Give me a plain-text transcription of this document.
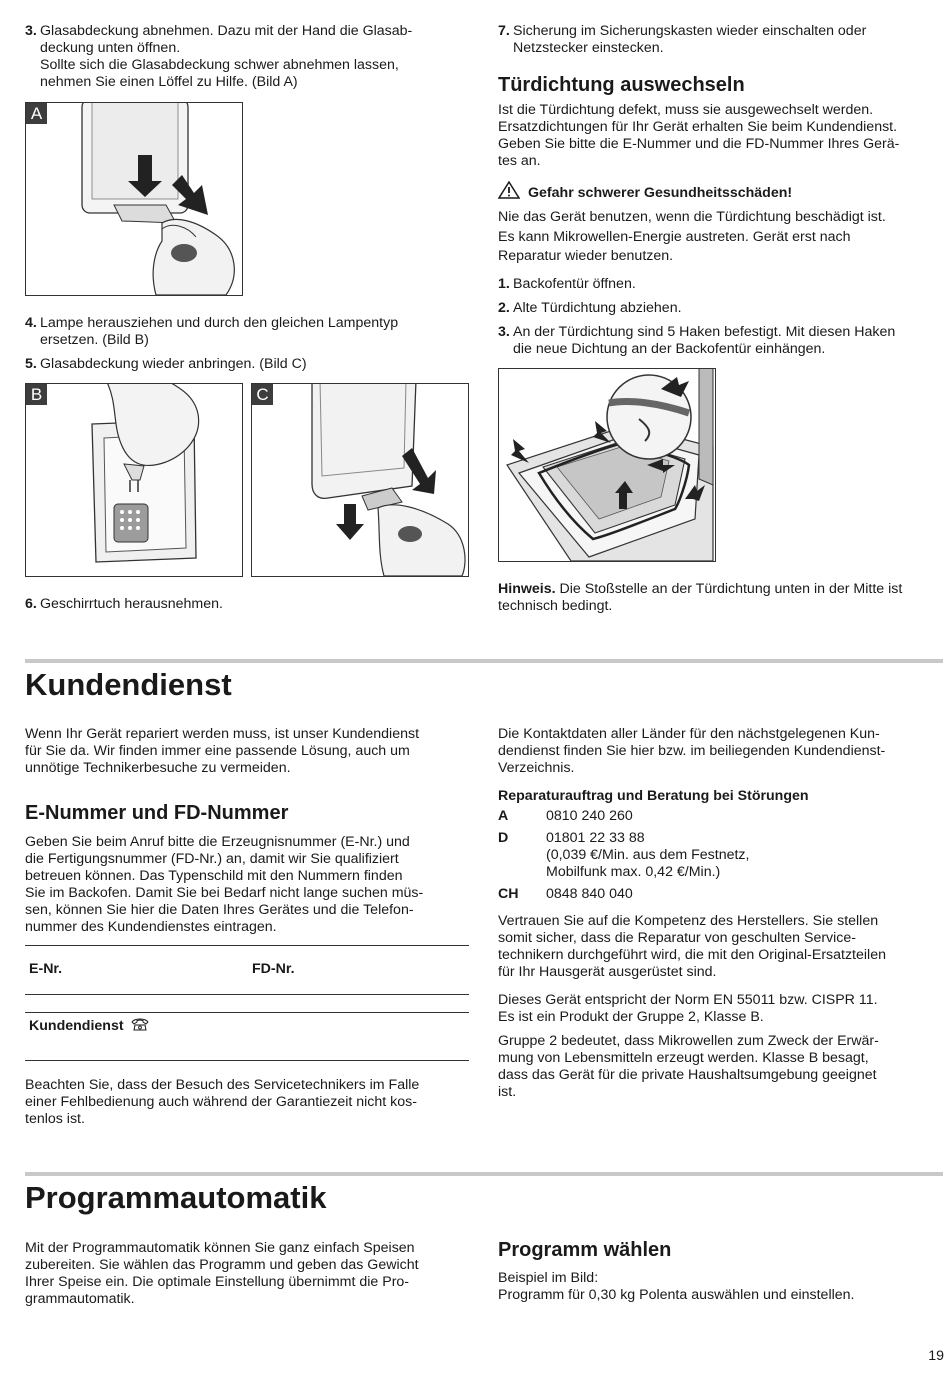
3. Glasabdeckung abnehmen. Dazu mit der Hand die Glasab-

deckung unten öffnen.
Sollte sich die Glasabdeckung schwer abnehmen lassen,
nehmen Sie einen Löffel zu Hilfe. (Bild A)
A
4. Lampe herausziehen und durch den gleichen Lampentyp
ersetzen. (Bild B)
5. Glasabdeckung wieder anbringen. (Bild C)
B	C
6. Geschirrtuch herausnehmen.
7. Sicherung im Sicherungskasten wieder einschalten oder
Netzstecker einstecken.
Türdichtung auswechseln

Ist die Türdichtung defekt, muss sie ausgewechselt werden.

Ersatzdichtungen für Ihr Gerät erhalten Sie beim Kundendienst.

Geben Sie bitte die E-Nummer und die FD-Nummer Ihres Gerä-

tes an.

Gefahr schwerer Gesundheitsschäden!

Nie das Gerät benutzen, wenn die Türdichtung beschädigt ist.

Es kann Mikrowellen-Energie austreten. Gerät erst nach

Reparatur wieder benutzen.

1. Backofentür öffnen.
2. Alte Türdichtung abziehen.
3. An der Türdichtung sind 5 Haken befestigt. Mit diesen Haken
die neue Dichtung an der Backofentür einhängen.

Hinweis. Die Stoßstelle an der Türdichtung unten in der Mitte ist

technisch bedingt.

Kundendienst

Wenn Ihr Gerät repariert werden muss, ist unser Kundendienst

für Sie da. Wir finden immer eine passende Lösung, auch um

unnötige Technikerbesuche zu vermeiden.

E-Nummer und FD-Nummer

Geben Sie beim Anruf bitte die Erzeugnisnummer (E-Nr.) und

die Fertigungsnummer (FD-Nr.) an, damit wir Sie qualifiziert

betreuen können. Das Typenschild mit den Nummern finden

Sie im Backofen. Damit Sie bei Bedarf nicht lange suchen müs-

sen, können Sie hier die Daten Ihres Gerätes und die Telefon-

nummer des Kundendienstes eintragen.

E-Nr.	FD-Nr.
Kundendienst

Beachten Sie, dass der Besuch des Servicetechnikers im Falle

einer Fehlbedienung auch während der Garantiezeit nicht kos-

tenlos ist.

Die Kontaktdaten aller Länder für den nächstgelegenen Kun-

dendienst finden Sie hier bzw. im beiliegenden Kundendienst-

Verzeichnis.

Reparaturauftrag und Beratung bei Störungen
A	0810 240 260
D	01801 22 33 88
(0,039 €/Min. aus dem Festnetz,
Mobilfunk max. 0,42 €/Min.)
CH 0848 840 040

Vertrauen Sie auf die Kompetenz des Herstellers. Sie stellen

somit sicher, dass die Reparatur von geschulten Service-

technikern durchgeführt wird, die mit den Original-Ersatzteilen

für Ihr Hausgerät ausgerüstet sind.

Dieses Gerät entspricht der Norm EN 55011 bzw. CISPR 11.

Es ist ein Produkt der Gruppe 2, Klasse B.

Gruppe 2 bedeutet, dass Mikrowellen zum Zweck der Erwär-

mung von Lebensmitteln erzeugt werden. Klasse B besagt,

dass das Gerät für die private Haushaltsumgebung geeignet

ist.

Programmautomatik

Mit der Programmautomatik können Sie ganz einfach Speisen

zubereiten. Sie wählen das Programm und geben das Gewicht

Ihrer Speise ein. Die optimale Einstellung übernimmt die Pro-

grammautomatik.

Programm wählen

Beispiel im Bild:

Programm für 0,30 kg Polenta auswählen und einstellen.

19
